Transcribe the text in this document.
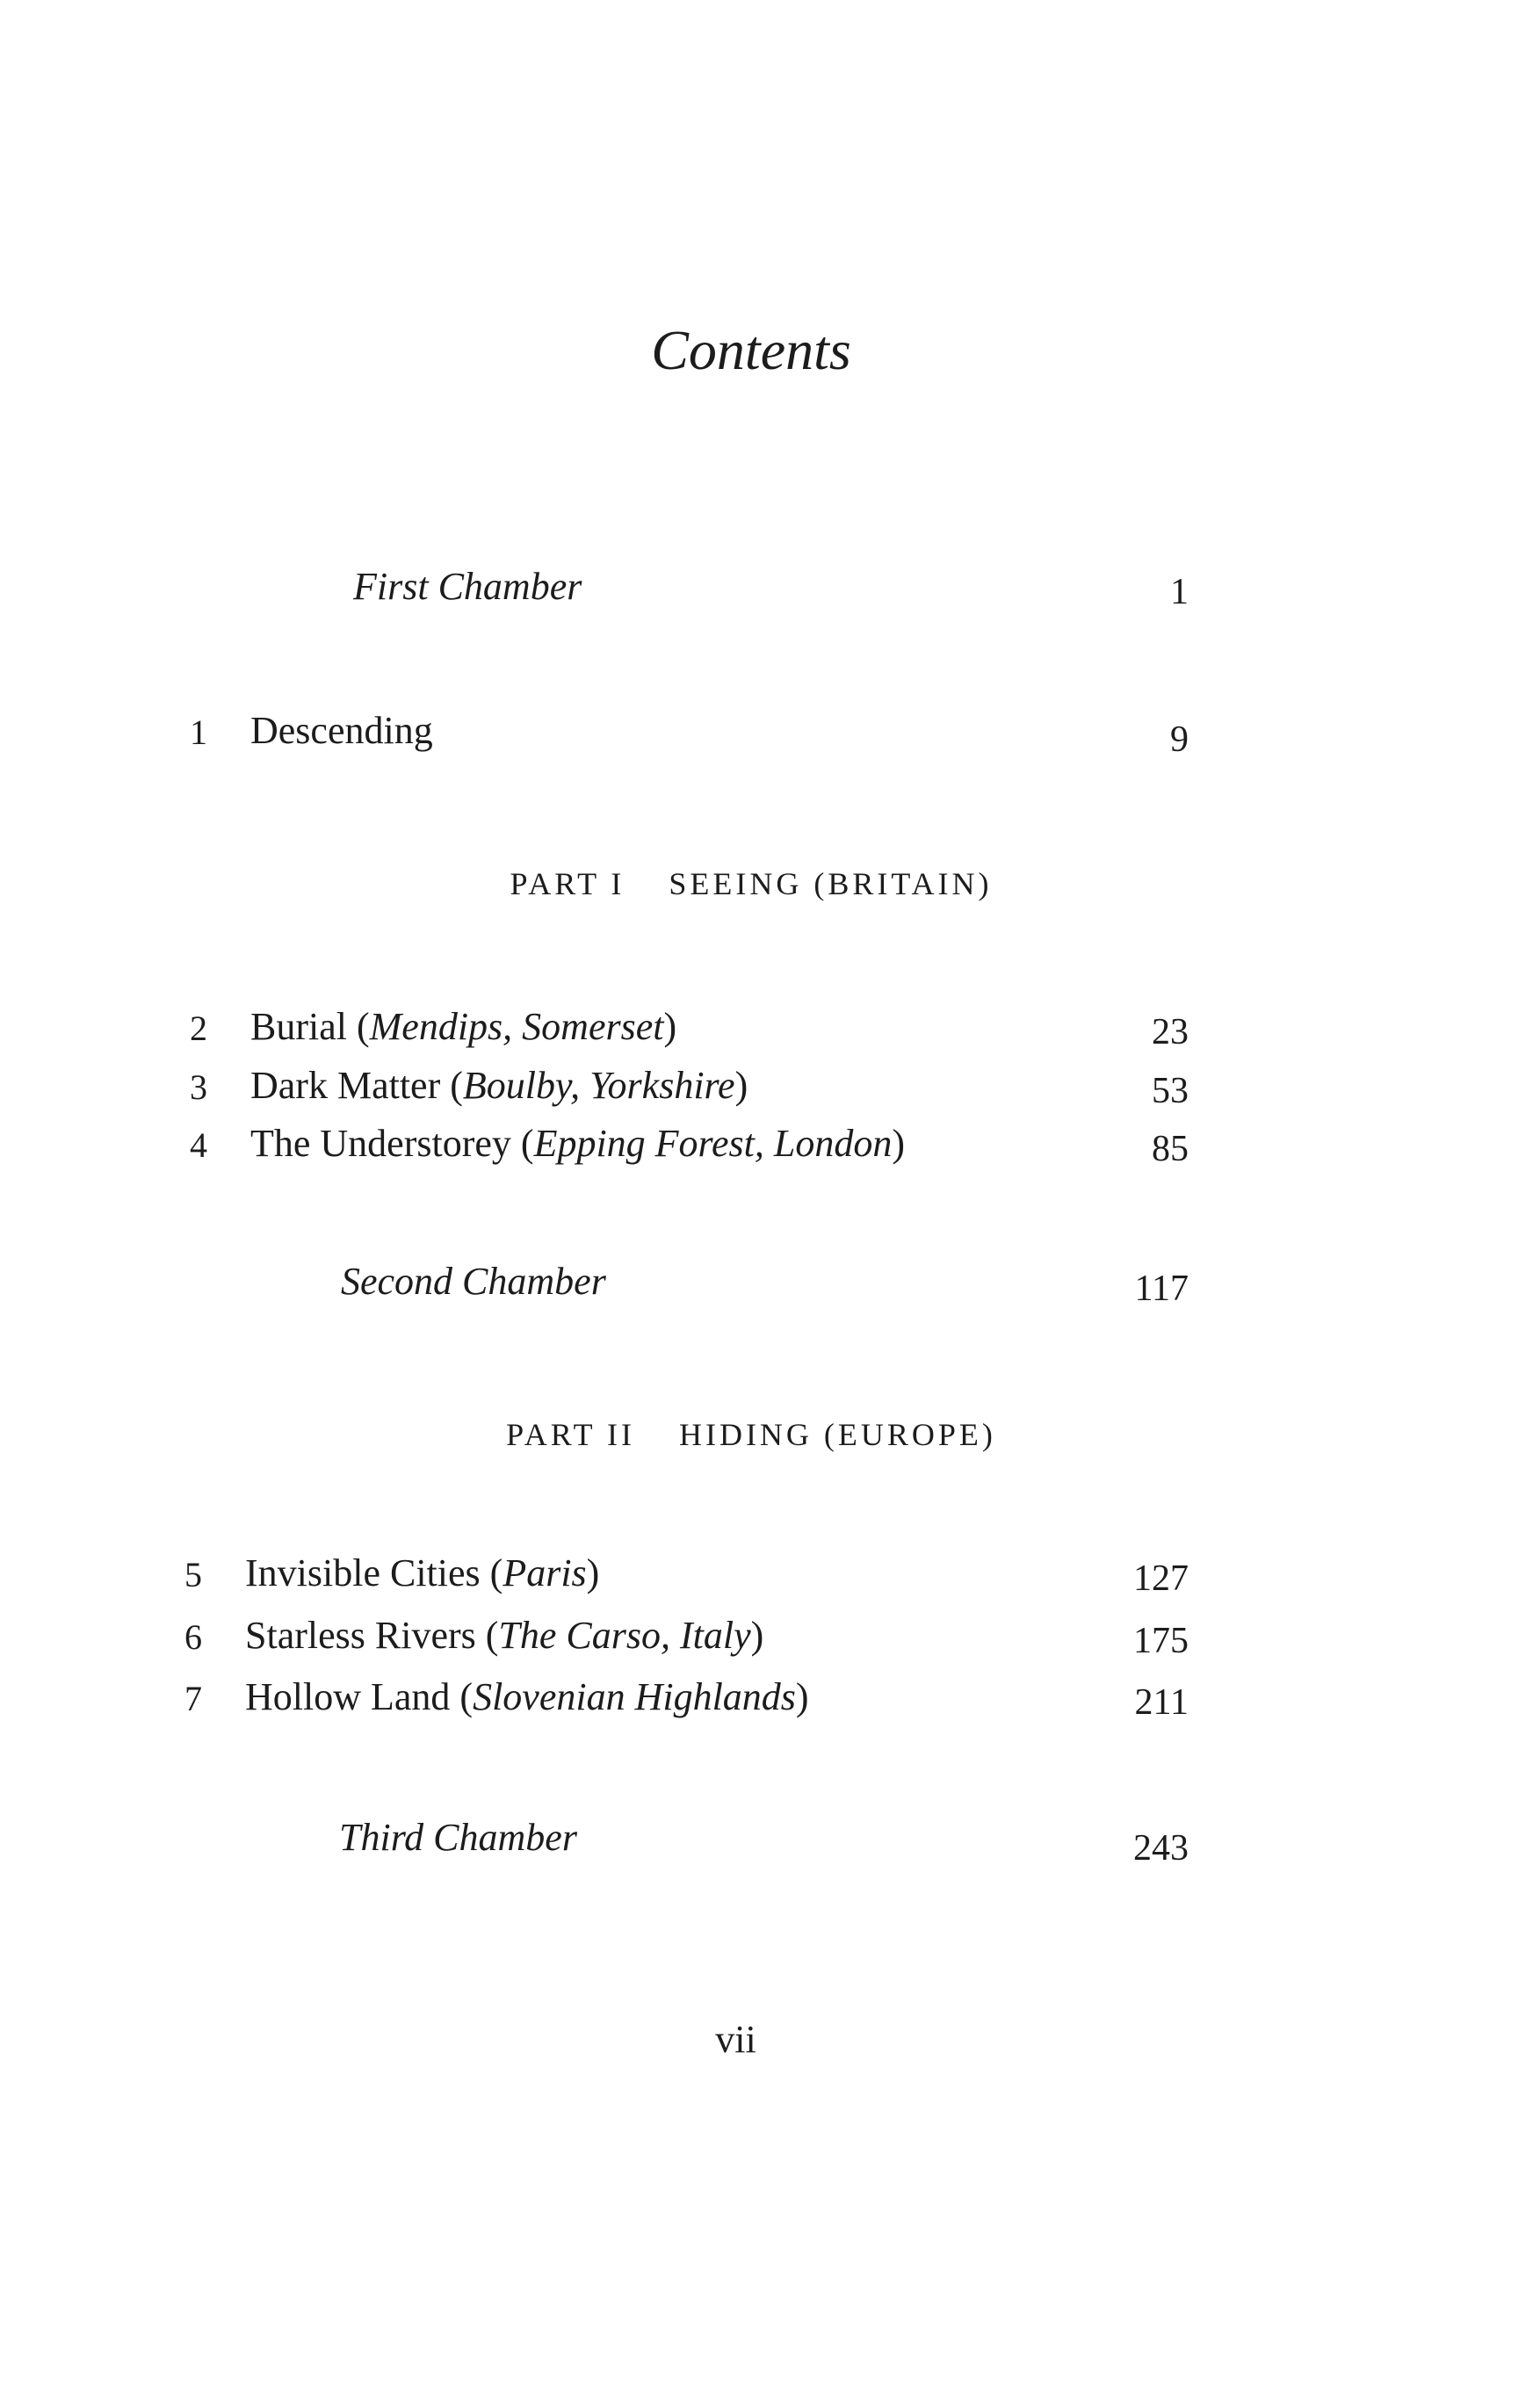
Contents
First Chamber	1
1 Descending	9
PART I SEEING (BRITAIN)
2 Burial (Mendips, Somerset)	23
3 Dark Matter (Boulby, Yorkshire)	53
4 The Understorey (Epping Forest, London)	85
Second Chamber	117
PART II HIDING (EUROPE)
5 Invisible Cities (Paris)	127
6 Starless Rivers (The Carso, Italy)	175
7 Hollow Land (Slovenian Highlands)	211
Third Chamber	243
vii
